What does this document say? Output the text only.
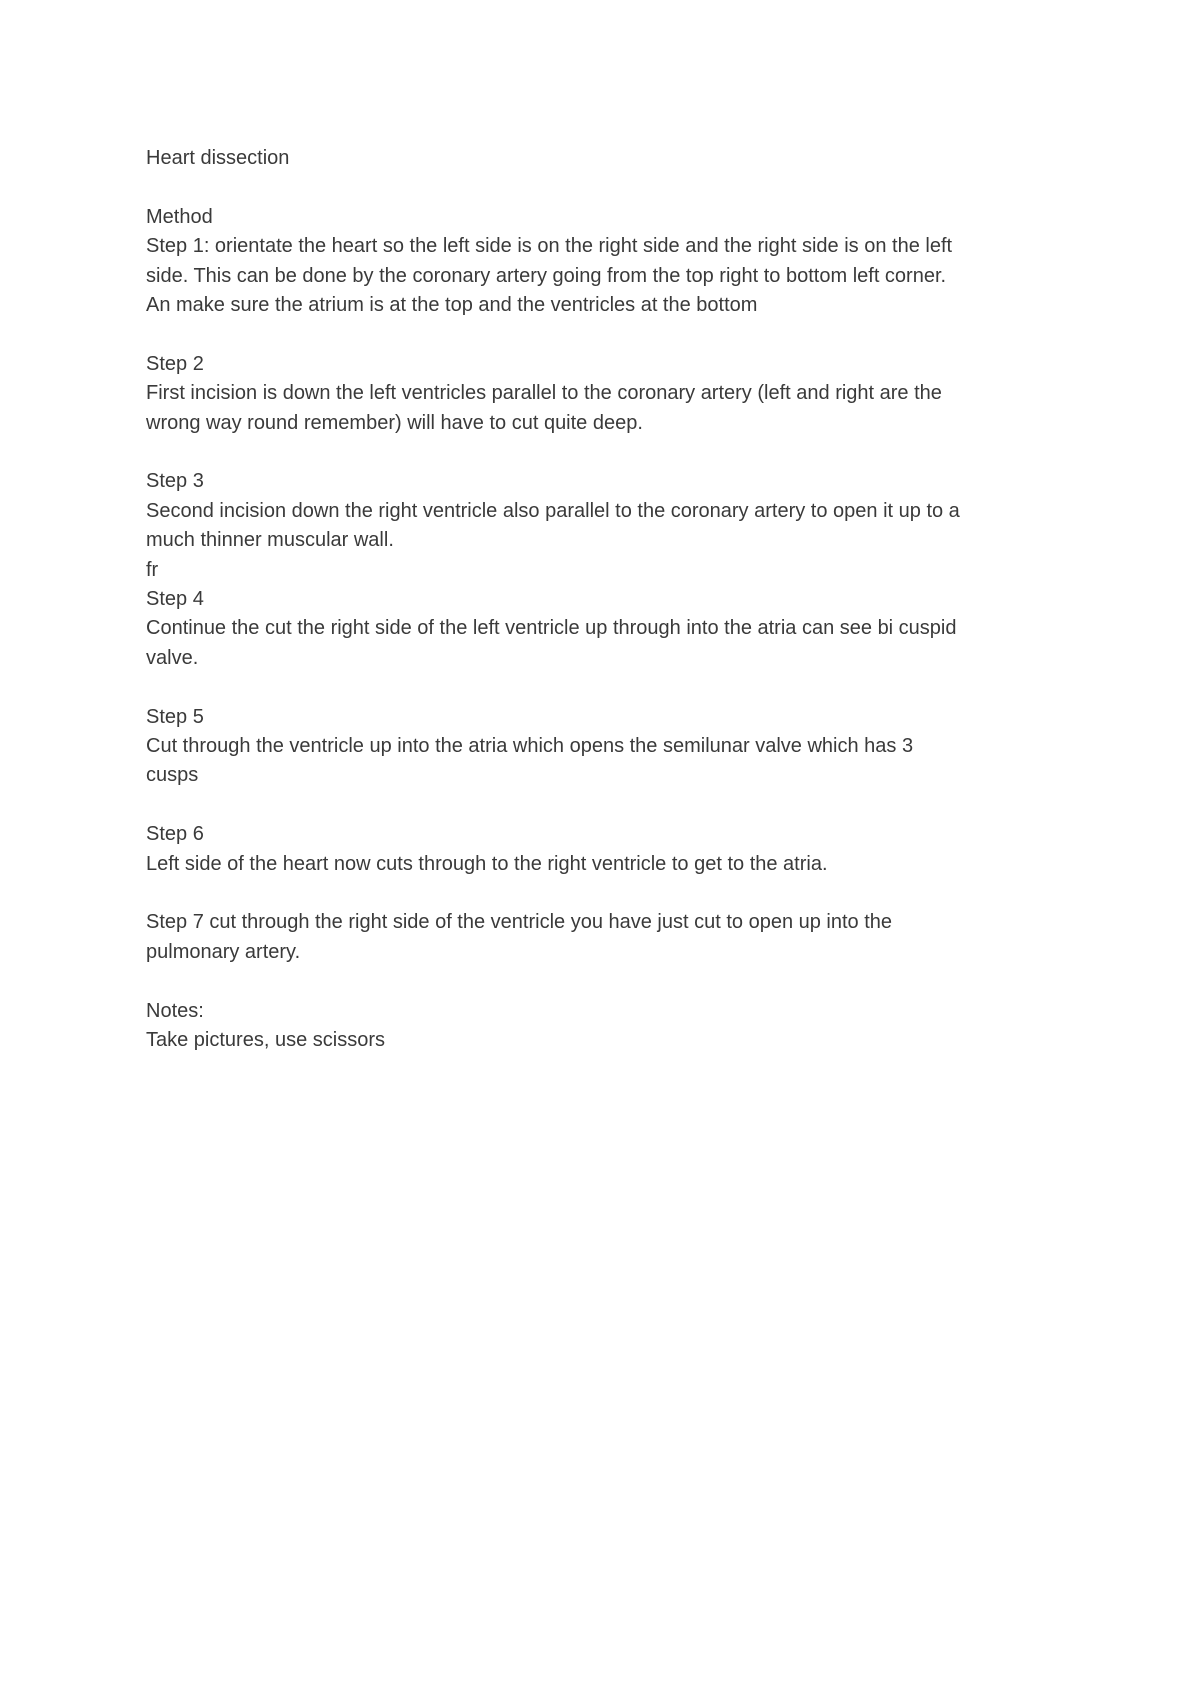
Heart dissection
Method
Step 1: orientate the heart so the left side is on the right side and the right side is on the left
side. This can be done by the coronary artery going from the top right to bottom left corner.
An make sure the atrium is at the top and the ventricles at the bottom
Step 2
First incision is down the left ventricles parallel to the coronary artery (left and right are the
wrong way round remember) will have to cut quite deep.
Step 3
Second incision down the right ventricle also parallel to the coronary artery to open it up to a
much thinner muscular wall.
fr
Step 4
Continue the cut the right side of the left ventricle up through into the atria can see bi cuspid
valve.
Step 5
Cut through the ventricle up into the atria which opens the semilunar valve which has 3
cusps
Step 6
Left side of the heart now cuts through to the right ventricle to get to the atria.
Step 7 cut through the right side of the ventricle you have just cut to open up into the
pulmonary artery.
Notes:
Take pictures, use scissors
